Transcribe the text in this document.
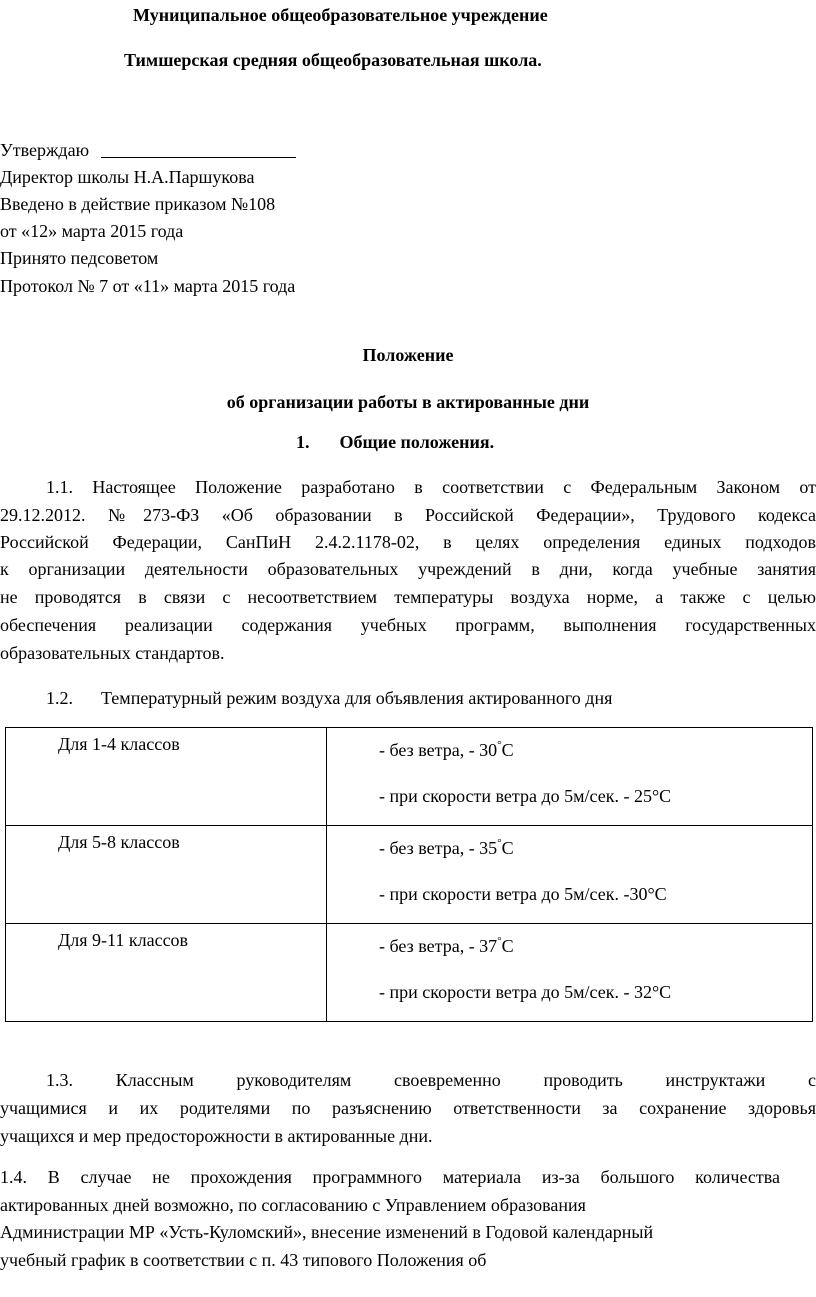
Муниципальное общеобразовательное учреждение
Тимшерская средняя общеобразовательная школа.
Утверждаю
Директор школы Н.А.Паршукова
Введено в действие приказом №108
от «12» марта 2015 года
Принято педсоветом
Протокол № 7 от «11» марта 2015 года
Положение
об организации работы в актированные дни
1. Общие положения.
1.1. Настоящее Положение разработано в соответствии с Федеральным Законом от
29.12.2012. №273-ФЗ «Об образовании в Российской Федерации», Трудового кодекса
Российской Федерации, СанПиН 2.4.2.1178-02, в целях определения единых подходов
к организации деятельности образовательных учреждений в дни, когда учебные занятия
не проводятся в связи с несоответствием температуры воздуха норме, а также с целью
обеспечения реализации содержания учебных программ, выполнения государственных
образовательных стандартов.
1.2. Температурный режим воздуха для объявления актированного дня
Для 1-4 классов	- без ветра, - 30°С
- при скорости ветра до 5м/сек. - 25°С

Для 5-8 классов	- без ветра, - 35°С
- при скорости ветра до 5м/сек. -30°С

Для 9-11 классов	- без ветра, - 37°С
- при скорости ветра до 5м/сек. - 32°С
1.3. Классным руководителям своевременно проводить инструктажи с
учащимися и их родителями по разъяснению ответственности за сохранение здоровья
учащихся и мер предосторожности в актированные дни.
1.4. В случае не прохождения программного материала из-за большого количества
актированных дней возможно, по согласованию с Управлением образования
Администрации МР «Усть-Куломский», внесение изменений в Годовой календарный
учебный график в соответствии с п. 43 типового Положения об
